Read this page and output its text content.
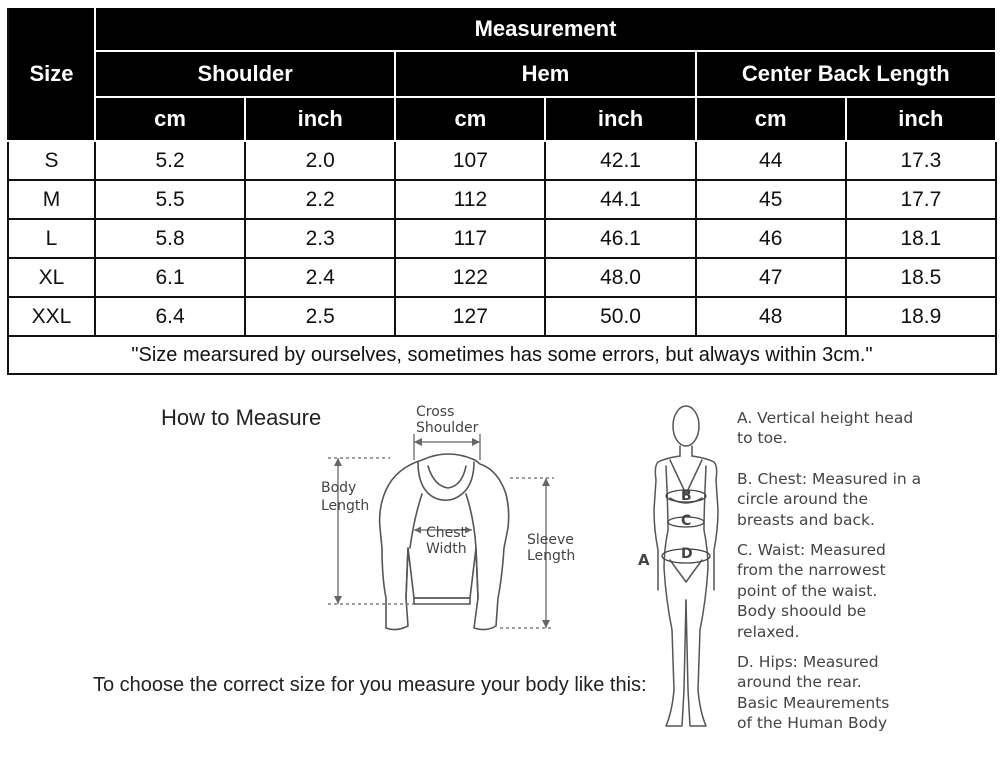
Size	Measurement					
	Shoulder		Hem		Center Back Length	
	cm	inch	cm	inch	cm	inch
S	5.2	2.0	107	42.1	44	17.3
M	5.5	2.2	112	44.1	45	17.7
L	5.8	2.3	117	46.1	46	18.1
XL	6.1	2.4	122	48.0	47	18.5
XXL	6.4	2.5	127	50.0	48	18.9
"Size mearsured by ourselves, sometimes has some errors, but always within 3cm."						
How to Measure	Cross
Shoulder
Body
Length
Chest
Width
Sleeve
Length
To choose the correct size for you measure your body like this:
B
C
D
A
A. Vertical height head
to toe.
B. Chest: Measured in a
circle around the
breasts and back.
C. Waist: Measured
from the narrowest
point of the waist.
Body shoould be
relaxed.
D. Hips: Measured
around the rear.
Basic Meaurements
of the Human Body
